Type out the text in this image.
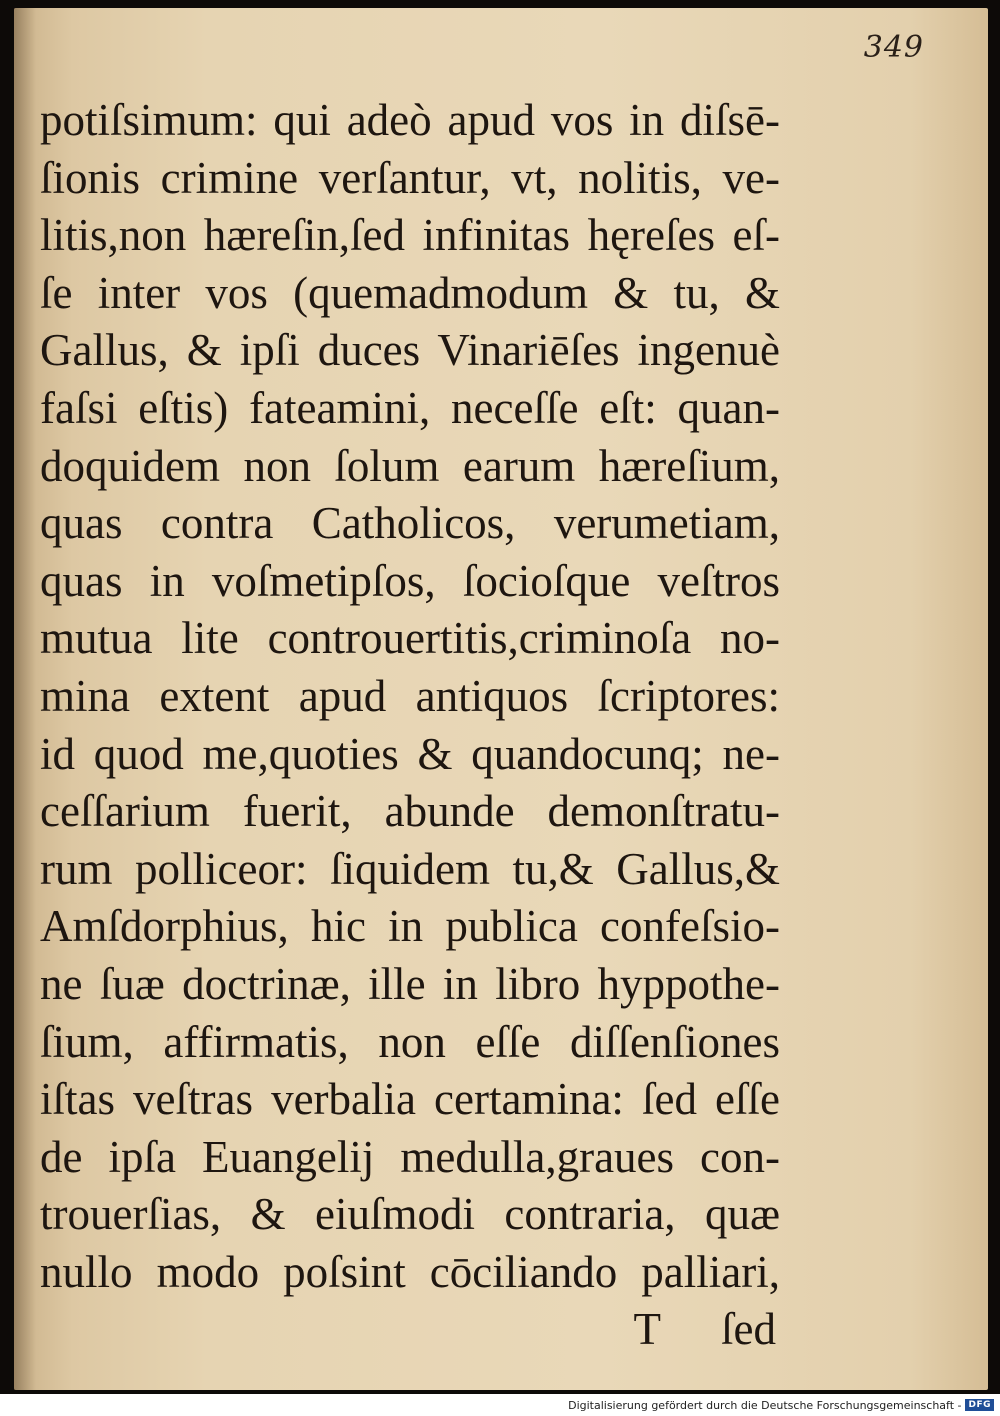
349
potiſsimum: qui adeò apud vos in diſsē-
ſionis crimine verſantur, vt, nolitis, ve-
litis,non hæreſin,ſed infinitas hęreſes eſ-
ſe inter vos (quemadmodum & tu, &
Gallus, & ipſi duces Vinariēſes ingenuè
faſsi eſtis) fateamini, neceſſe eſt: quan-
doquidem non ſolum earum hæreſium,
quas contra Catholicos, verumetiam,
quas in voſmetipſos, ſocioſque veſtros
mutua lite controuertitis,criminoſa no-
mina extent apud antiquos ſcriptores:
id quod me,quoties & quandocunq; ne-
ceſſarium fuerit, abunde demonſtratu-
rum polliceor: ſiquidem tu,& Gallus,&
Amſdorphius, hic in publica confeſsio-
ne ſuæ doctrinæ, ille in libro hyppothe-
ſium, affirmatis, non eſſe diſſenſiones
iſtas veſtras verbalia certamina: ſed eſſe
de ipſa Euangelij medulla,graues con-
trouerſias, & eiuſmodi contraria, quæ
nullo modo poſsint cōciliando palliari,
T ſed
Digitalisierung gefördert durch die Deutsche Forschungsgemeinschaft - DFG
